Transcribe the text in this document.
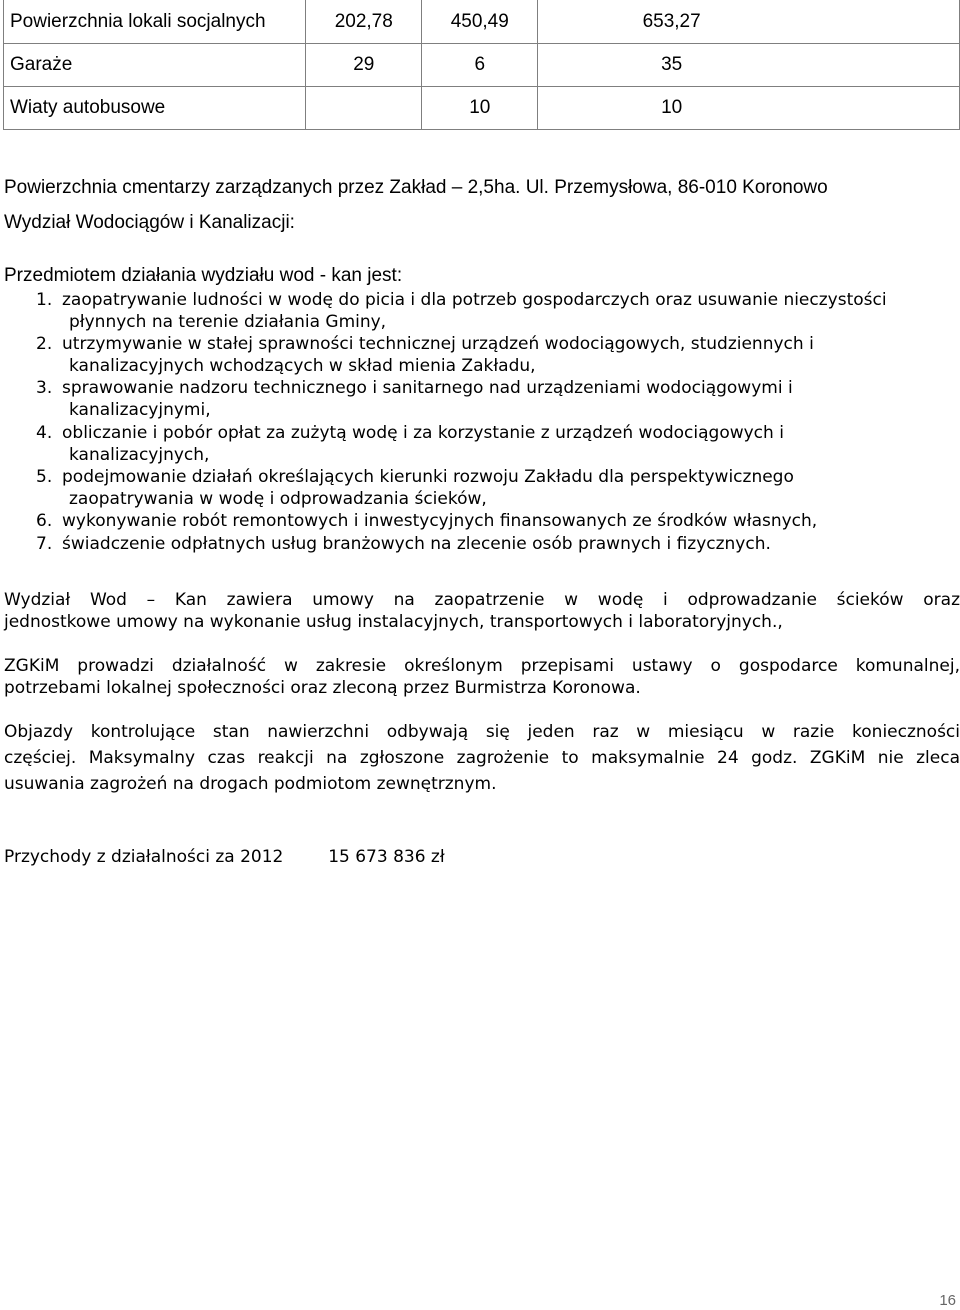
Powierzchnia lokali socjalnych	202,78	450,49	653,27
Garaże	29	6	35
Wiaty autobusowe		10	10
Powierzchnia cmentarzy zarządzanych przez Zakład – 2,5ha. Ul. Przemysłowa, 86-010 Koronowo
Wydział Wodociągów i Kanalizacji:
Przedmiotem działania wydziału wod - kan jest:
1. zaopatrywanie ludności w wodę do picia i dla potrzeb gospodarczych oraz usuwanie nieczystości
płynnych na terenie działania Gminy,
2. utrzymywanie w stałej sprawności technicznej urządzeń wodociągowych, studziennych i
kanalizacyjnych wchodzących w skład mienia Zakładu,
3. sprawowanie nadzoru technicznego i sanitarnego nad urządzeniami wodociągowymi i
kanalizacyjnymi,
4. obliczanie i pobór opłat za zużytą wodę i za korzystanie z urządzeń wodociągowych i
kanalizacyjnych,
5. podejmowanie działań określających kierunki rozwoju Zakładu dla perspektywicznego
zaopatrywania w wodę i odprowadzania ścieków,
6. wykonywanie robót remontowych i inwestycyjnych finansowanych ze środków własnych,
7. świadczenie odpłatnych usług branżowych na zlecenie osób prawnych i fizycznych.
Wydział Wod – Kan zawiera umowy na zaopatrzenie w wodę i odprowadzanie ścieków oraz
jednostkowe umowy na wykonanie usług instalacyjnych, transportowych i laboratoryjnych.,
ZGKiM prowadzi działalność w zakresie określonym przepisami ustawy o gospodarce komunalnej,
potrzebami lokalnej społeczności oraz zleconą przez Burmistrza Koronowa.
Objazdy kontrolujące stan nawierzchni odbywają się jeden raz w miesiącu w razie konieczności
częściej. Maksymalny czas reakcji na zgłoszone zagrożenie to maksymalnie 24 godz. ZGKiM nie zleca
usuwania zagrożeń na drogach podmiotom zewnętrznym.
Przychody z działalności za 2012	15 673 836 zł
16
